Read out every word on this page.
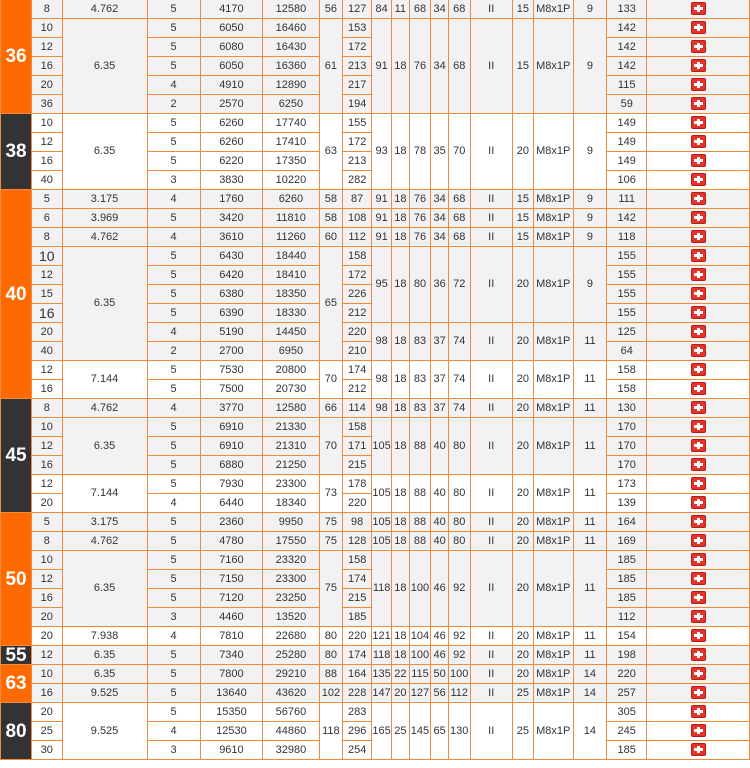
36	8	4.762	5	4170	12580	56	127	84	11	68	34	68	II	15	M8x1P	9	133	
	10	6.35	5	6050	16460	61	153	91	18	76	34	68	II	15	M8x1P	9	142	
	12		5	6080	16430		172										142	
	16		5	6050	16360		213										142	
	20		4	4910	12890		217										115	
	36		2	2570	6250		194										59	
38	10	6.35	5	6260	17740	63	155	93	18	78	35	70	II	20	M8x1P	9	149	
	12		5	6260	17410		172										149	
	16		5	6220	17350		213										149	
	40		3	3830	10220		282										106	
40	5	3.175	4	1760	6260	58	87	91	18	76	34	68	II	15	M8x1P	9	111	
	6	3.969	5	3420	11810	58	108	91	18	76	34	68	II	15	M8x1P	9	142	
	8	4.762	4	3610	11260	60	112	91	18	76	34	68	II	15	M8x1P	9	118	
	10	6.35	5	6430	18440	65	158	95	18	80	36	72	II	20	M8x1P	9	155	
	12		5	6420	18410		172										155	
	15		5	6380	18350		226										155	
	16		5	6390	18330		212										155	
	20		4	5190	14450		220	98	18	83	37	74	II	20	M8x1P	11	125	
	40		2	2700	6950		210										64	
	12	7.144	5	7530	20800	70	174	98	18	83	37	74	II	20	M8x1P	11	158	
	16		5	7500	20730		212										158	
45	8	4.762	4	3770	12580	66	114	98	18	83	37	74	II	20	M8x1P	11	130	
	10	6.35	5	6910	21330	70	158	105	18	88	40	80	II	20	M8x1P	11	170	
	12		5	6910	21310		171										170	
	16		5	6880	21250		215										170	
	12	7.144	5	7930	23300	73	178	105	18	88	40	80	II	20	M8x1P	11	173	
	20		4	6440	18340		220										139	
50	5	3.175	5	2360	9950	75	98	105	18	88	40	80	II	20	M8x1P	11	164	
	8	4.762	5	4780	17550	75	128	105	18	88	40	80	II	20	M8x1P	11	169	
	10	6.35	5	7160	23320	75	158	118	18	100	46	92	II	20	M8x1P	11	185	
	12		5	7150	23300		174										185	
	16		5	7120	23250		215										185	
	20		3	4460	13520		185										112	
	20	7.938	4	7810	22680	80	220	121	18	104	46	92	II	20	M8x1P	11	154	
55	12	6.35	5	7340	25280	80	174	118	18	100	46	92	II	20	M8x1P	11	198	
63	10	6.35	5	7800	29210	88	164	135	22	115	50	100	II	20	M8x1P	14	220	
	16	9.525	5	13640	43620	102	228	147	20	127	56	112	II	25	M8x1P	14	257	
80	20	9.525	5	15350	56760	118	283	165	25	145	65	130	II	25	M8x1P	14	305	
	25		4	12530	44860		296										245	
	30		3	9610	32980		254										185	
